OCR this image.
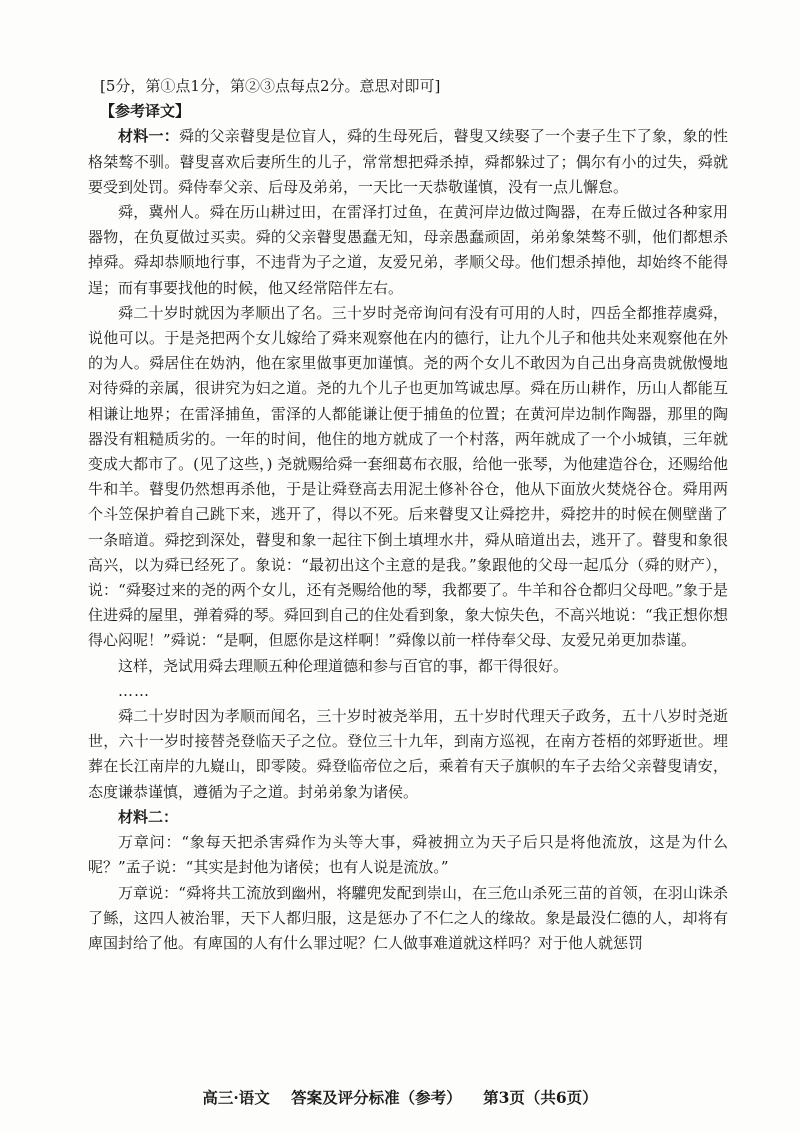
[5分，第①点1分，第②③点每点2分。意思对即可]

【参考译文】

材料一：舜的父亲瞽叟是位盲人，舜的生母死后，瞽叟又续娶了一个妻子生下了象，象的性格桀骜不驯。瞽叟喜欢后妻所生的儿子，常常想把舜杀掉，舜都躲过了；偶尔有小的过失，舜就要受到处罚。舜侍奉父亲、后母及弟弟，一天比一天恭敬谨慎，没有一点儿懈怠。

舜，冀州人。舜在历山耕过田，在雷泽打过鱼，在黄河岸边做过陶器，在寿丘做过各种家用器物，在负夏做过买卖。舜的父亲瞽叟愚蠢无知，母亲愚蠢顽固，弟弟象桀骜不驯，他们都想杀掉舜。舜却恭顺地行事，不违背为子之道，友爱兄弟，孝顺父母。他们想杀掉他，却始终不能得逞；而有事要找他的时候，他又经常陪伴左右。

舜二十岁时就因为孝顺出了名。三十岁时尧帝询问有没有可用的人时，四岳全都推荐虞舜，说他可以。于是尧把两个女儿嫁给了舜来观察他在内的德行，让九个儿子和他共处来观察他在外的为人。舜居住在妫汭，他在家里做事更加谨慎。尧的两个女儿不敢因为自己出身高贵就傲慢地对待舜的亲属，很讲究为妇之道。尧的九个儿子也更加笃诚忠厚。舜在历山耕作，历山人都能互相谦让地界；在雷泽捕鱼，雷泽的人都能谦让便于捕鱼的位置；在黄河岸边制作陶器，那里的陶器没有粗糙质劣的。一年的时间，他住的地方就成了一个村落，两年就成了一个小城镇，三年就变成大都市了。(见了这些，) 尧就赐给舜一套细葛布衣服，给他一张琴，为他建造谷仓，还赐给他牛和羊。瞽叟仍然想再杀他，于是让舜登高去用泥土修补谷仓，他从下面放火焚烧谷仓。舜用两个斗笠保护着自己跳下来，逃开了，得以不死。后来瞽叟又让舜挖井，舜挖井的时候在侧壁凿了一条暗道。舜挖到深处，瞽叟和象一起往下倒土填埋水井，舜从暗道出去，逃开了。瞽叟和象很高兴，以为舜已经死了。象说：“最初出这个主意的是我。”象跟他的父母一起瓜分（舜的财产），说：“舜娶过来的尧的两个女儿，还有尧赐给他的琴，我都要了。牛羊和谷仓都归父母吧。”象于是住进舜的屋里，弹着舜的琴。舜回到自己的住处看到象，象大惊失色，不高兴地说：“我正想你想得心闷呢！”舜说：“是啊，但愿你是这样啊！”舜像以前一样侍奉父母、友爱兄弟更加恭谨。

这样，尧试用舜去理顺五种伦理道德和参与百官的事，都干得很好。

……

舜二十岁时因为孝顺而闻名，三十岁时被尧举用，五十岁时代理天子政务，五十八岁时尧逝世，六十一岁时接替尧登临天子之位。登位三十九年，到南方巡视，在南方苍梧的郊野逝世。埋葬在长江南岸的九嶷山，即零陵。舜登临帝位之后，乘着有天子旗帜的车子去给父亲瞽叟请安，态度谦恭谨慎，遵循为子之道。封弟弟象为诸侯。

材料二：

万章问：“象每天把杀害舜作为头等大事，舜被拥立为天子后只是将他流放，这是为什么呢？”孟子说：“其实是封他为诸侯；也有人说是流放。”

万章说：“舜将共工流放到幽州，将驩兜发配到崇山，在三危山杀死三苗的首领，在羽山诛杀了鲧，这四人被治罪，天下人都归服，这是惩办了不仁之人的缘故。象是最没仁德的人，却将有庳国封给了他。有庳国的人有什么罪过呢？仁人做事难道就这样吗？对于他人就惩罚

高三·语文 答案及评分标准（参考） 第3页（共6页）
